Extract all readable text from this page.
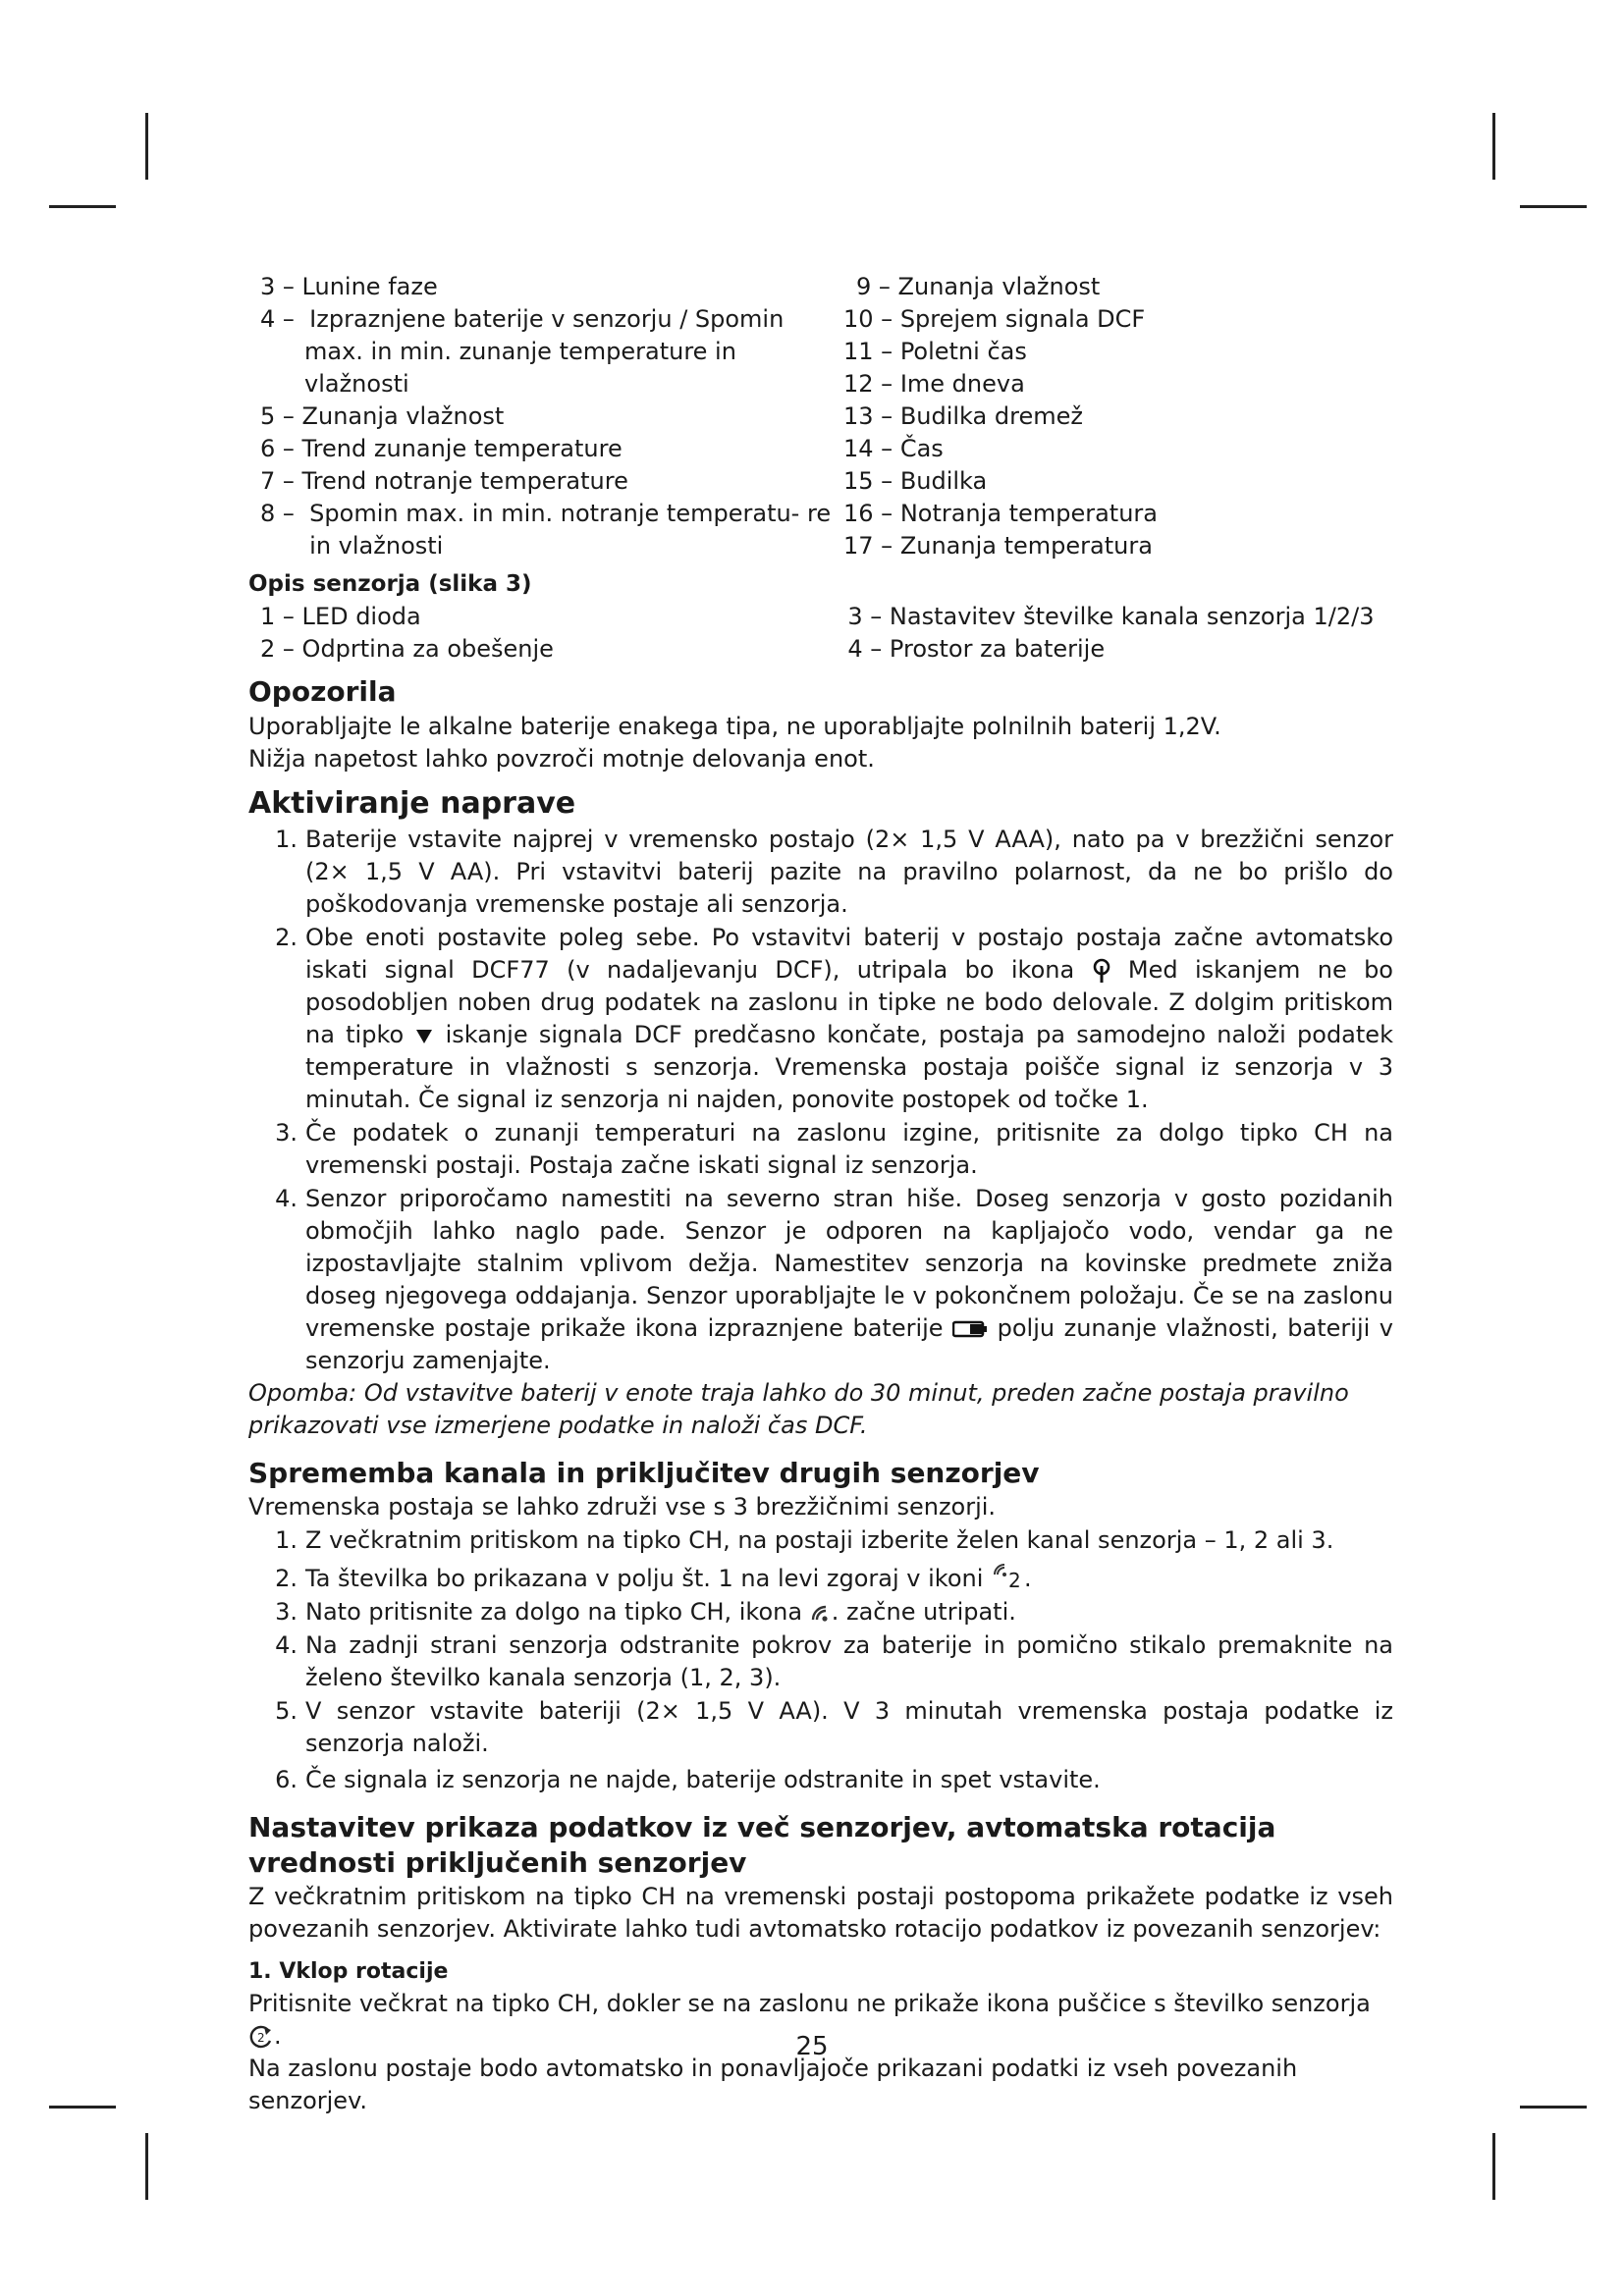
3 –
Lunine faze
4 –
Izpraznjene baterije v senzorju / Spomin
max. in min. zunanje temperature in vlažnosti
5 –
Zunanja vlažnost
6 –
Trend zunanje temperature
7 –
Trend notranje temperature
8 –
Spomin max. in min. notranje temperatu- re in vlažnosti
9 –
Zunanja vlažnost
10 –
Sprejem signala DCF
11 –
Poletni čas
12 –
Ime dneva
13 –
Budilka dremež
14 –
Čas
15 –
Budilka
16 –
Notranja temperatura
17 –
Zunanja temperatura
Opis senzorja (slika 3)
1 –
LED dioda
2 –
Odprtina za obešenje
3 –
Nastavitev številke kanala senzorja 1/2/3
4 –
Prostor za baterije
Opozorila

Uporabljajte le alkalne baterije enakega tipa, ne uporabljajte polnilnih baterij 1,2V.

Nižja napetost lahko povzroči motnje delovanja enot.

Aktiviranje naprave
1. Baterije vstavite najprej v vremensko postajo (2× 1,5 V AAA), nato pa v brezžični senzor (2× 1,5 V AA). Pri vstavitvi baterij pazite na pravilno polarnost, da ne bo prišlo do poškodovanja vremenske postaje ali senzorja.
2. Obe enoti postavite poleg sebe. Po vstavitvi baterij v postajo postaja začne avtomatsko iskati signal DCF77 (v nadaljevanju DCF), utripala bo ikona Med iskanjem ne bo posodobljen noben drug podatek na zaslonu in tipke ne bodo delovale. Z dolgim pritiskom na tipko iskanje signala DCF predčasno končate, postaja pa samodejno naloži podatek temperature in vlažnosti s senzorja. Vremenska postaja poišče signal iz senzorja v 3 minutah. Če signal iz senzorja ni najden, ponovite postopek od točke 1.
3. Če podatek o zunanji temperaturi na zaslonu izgine, pritisnite za dolgo tipko CH na vremenski postaji. Postaja začne iskati signal iz senzorja.
4. Senzor priporočamo namestiti na severno stran hiše. Doseg senzorja v gosto pozidanih območjih lahko naglo pade. Senzor je odporen na kapljajočo vodo, vendar ga ne izpostavljajte stalnim vplivom dežja. Namestitev senzorja na kovinske predmete zniža doseg njegovega oddajanja. Senzor uporabljajte le v pokončnem položaju. Če se na zaslonu vremenske postaje prikaže ikona izpraznjene baterije polju zunanje vlažnosti, bateriji v senzorju zamenjajte.

Opomba: Od vstavitve baterij v enote traja lahko do 30 minut, preden začne postaja pravilno prikazovati vse izmerjene podatke in naloži čas DCF.

Sprememba kanala in priključitev drugih senzorjev

Vremenska postaja se lahko združi vse s 3 brezžičnimi senzorji.

1. Z večkratnim pritiskom na tipko CH, na postaji izberite želen kanal senzorja – 1, 2 ali 3.
2. Ta številka bo prikazana v polju št. 1 na levi zgoraj v ikoni 2 .
3. Nato pritisnite za dolgo na tipko CH, ikona . začne utripati.
4. Na zadnji strani senzorja odstranite pokrov za baterije in pomično stikalo premaknite na želeno številko kanala senzorja (1, 2, 3).
5. V senzor vstavite bateriji (2× 1,5 V AA). V 3 minutah vremenska postaja podatke iz senzorja naloži.
6. Če signala iz senzorja ne najde, baterije odstranite in spet vstavite.
Nastavitev prikaza podatkov iz več senzorjev, avtomatska rotacija vrednosti priključenih senzorjev

Z večkratnim pritiskom na tipko CH na vremenski postaji postopoma prikažete podatke iz vseh povezanih senzorjev. Aktivirate lahko tudi avtomatsko rotacijo podatkov iz povezanih senzorjev:

1. Vklop rotacije

Pritisnite večkrat na tipko CH, dokler se na zaslonu ne prikaže ikona puščice s številko senzorja
2 .

Na zaslonu postaje bodo avtomatsko in ponavljajoče prikazani podatki iz vseh povezanih senzorjev.

25
